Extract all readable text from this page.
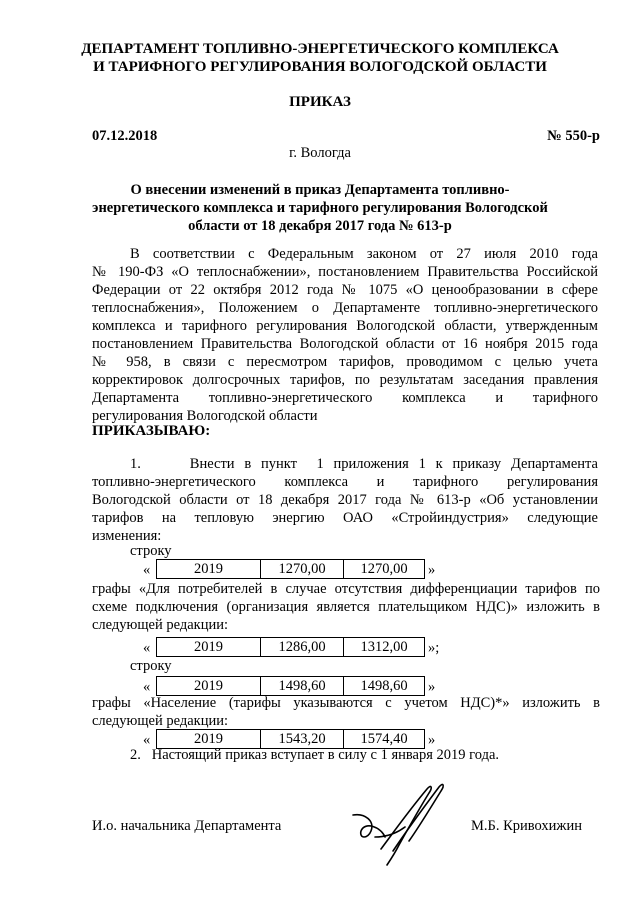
ДЕПАРТАМЕНТ ТОПЛИВНО-ЭНЕРГЕТИЧЕСКОГО КОМПЛЕКСА
И ТАРИФНОГО РЕГУЛИРОВАНИЯ ВОЛОГОДСКОЙ ОБЛАСТИ
ПРИКАЗ
07.12.2018	№ 550-р
г. Вологда
О внесении изменений в приказ Департамента топливно-
энергетического комплекса и тарифного регулирования Вологодской
области от 18 декабря 2017 года № 613-р
В соответствии с Федеральным законом от 27 июля 2010 года
№ 190-ФЗ «О теплоснабжении», постановлением Правительства Российской
Федерации от 22 октября 2012 года № 1075 «О ценообразовании в сфере
теплоснабжения», Положением о Департаменте топливно-энергетического
комплекса и тарифного регулирования Вологодской области, утвержденным
постановлением Правительства Вологодской области от 16 ноября 2015 года
№ 958, в связи с пересмотром тарифов, проводимом с целью учета
корректировок долгосрочных тарифов, по результатам заседания правления
Департамента топливно-энергетического комплекса и тарифного
регулирования Вологодской области
ПРИКАЗЫВАЮ:
1.     Внести в пункт  1 приложения 1 к приказу Департамента
топливно-энергетического комплекса и тарифного регулирования
Вологодской области от 18 декабря 2017 года № 613-р «Об установлении
тарифов на тепловую энергию ОАО «Стройиндустрия» следующие
изменения:
строку
«	2019	1270,00	1270,00	»
графы «Для потребителей в случае отсутствия дифференциации тарифов по
схеме подключения (организация является плательщиком НДС)» изложить в
следующей редакции:
«	2019	1286,00	1312,00	»;
строку
«	2019	1498,60	1498,60	»
графы «Население (тарифы указываются с учетом НДС)*» изложить в
следующей редакции:
«	2019	1543,20	1574,40	»
2.   Настоящий приказ вступает в силу с 1 января 2019 года.
И.о. начальника Департамента	М.Б. Кривохижин
